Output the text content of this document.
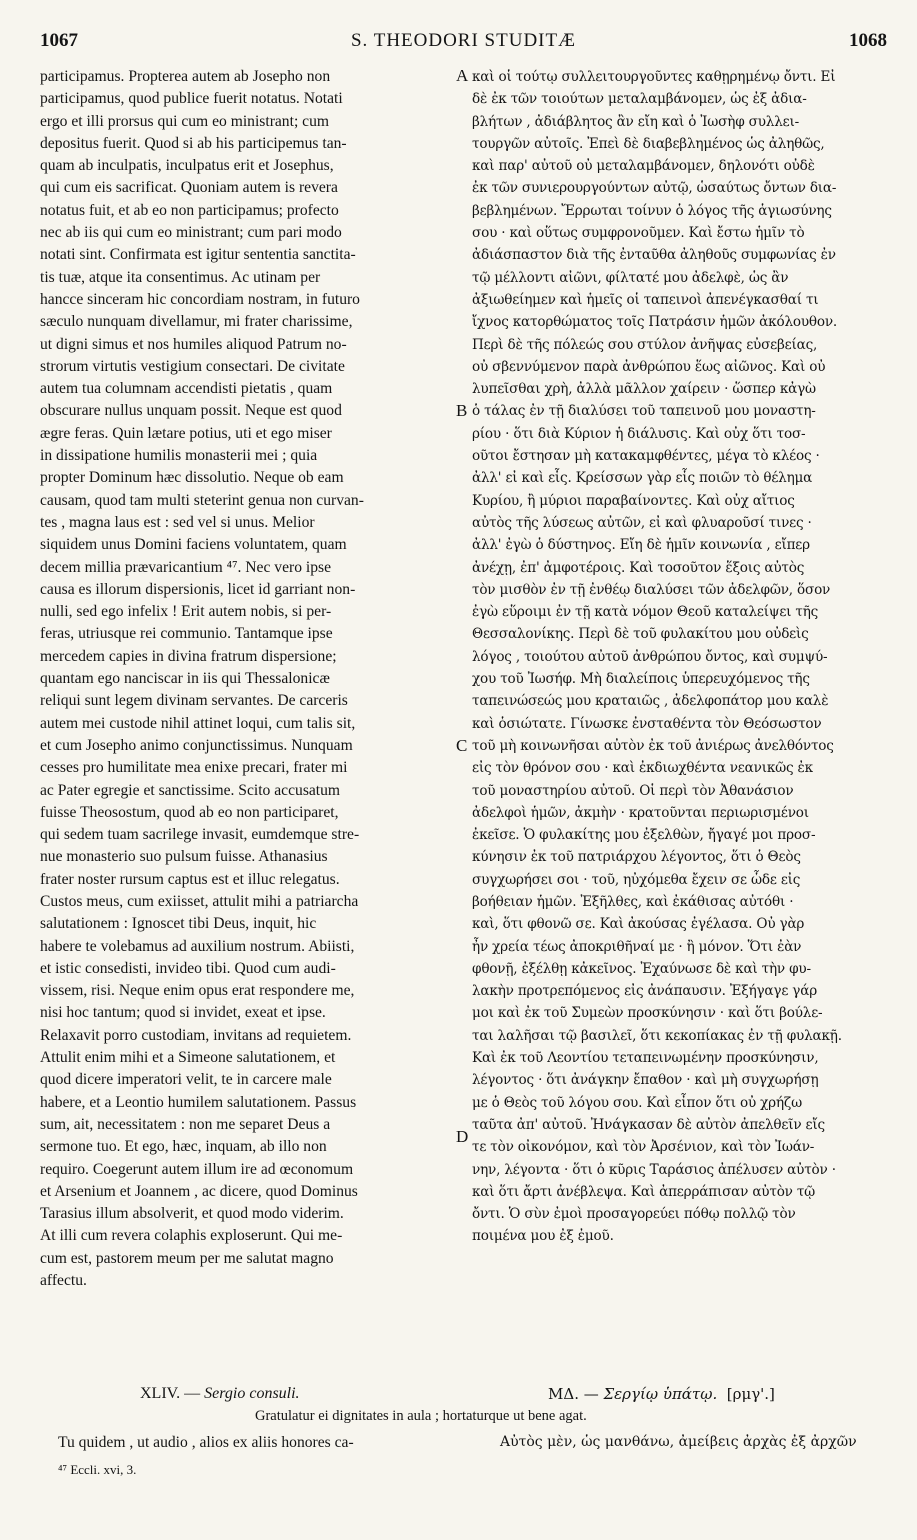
1067	S. THEODORI STUDITÆ	1068
participamus. Propterea autem ab Josepho non
participamus, quod publice fuerit notatus. Notati
ergo et illi prorsus qui cum eo ministrant; cum
depositus fuerit. Quod si ab his participemus tan-
quam ab inculpatis, inculpatus erit et Josephus,
qui cum eis sacrificat. Quoniam autem is revera
notatus fuit, et ab eo non participamus; profecto
nec ab iis qui cum eo ministrant; cum pari modo
notati sint. Confirmata est igitur sententia sanctita-
tis tuæ, atque ita consentimus. Ac utinam per
hancce sinceram hic concordiam nostram, in futuro
sæculo nunquam divellamur, mi frater charissime,
ut digni simus et nos humiles aliquod Patrum no-
strorum virtutis vestigium consectari. De civitate
autem tua columnam accendisti pietatis , quam
obscurare nullus unquam possit. Neque est quod
ægre feras. Quin lætare potius, uti et ego miser
in dissipatione humilis monasterii mei ; quia
propter Dominum hæc dissolutio. Neque ob eam
causam, quod tam multi steterint genua non curvan-
tes , magna laus est : sed vel si unus. Melior
siquidem unus Domini faciens voluntatem, quam
decem millia prævaricantium ⁴⁷. Nec vero ipse
causa es illorum dispersionis, licet id garriant non-
nulli, sed ego infelix ! Erit autem nobis, si per-
feras, utriusque rei communio. Tantamque ipse
mercedem capies in divina fratrum dispersione;
quantam ego nanciscar in iis qui Thessalonicæ
reliqui sunt legem divinam servantes. De carceris
autem mei custode nihil attinet loqui, cum talis sit,
et cum Josepho animo conjunctissimus. Nunquam
cesses pro humilitate mea enixe precari, frater mi
ac Pater egregie et sanctissime. Scito accusatum
fuisse Theosostum, quod ab eo non participaret,
qui sedem tuam sacrilege invasit, eumdemque stre-
nue monasterio suo pulsum fuisse. Athanasius
frater noster rursum captus est et illuc relegatus.
Custos meus, cum exiisset, attulit mihi a patriarcha
salutationem : Ignoscet tibi Deus, inquit, hic
habere te volebamus ad auxilium nostrum. Abiisti,
et istic consedisti, invideo tibi. Quod cum audi-
vissem, risi. Neque enim opus erat respondere me,
nisi hoc tantum; quod si invidet, exeat et ipse.
Relaxavit porro custodiam, invitans ad requietem.
Attulit enim mihi et a Simeone salutationem, et
quod dicere imperatori velit, te in carcere male
habere, et a Leontio humilem salutationem. Passus
sum, ait, necessitatem : non me separet Deus a
sermone tuo. Et ego, hæc, inquam, ab illo non
requiro. Coegerunt autem illum ire ad œconomum
et Arsenium et Joannem , ac dicere, quod Dominus
Tarasius illum absolverit, et quod modo viderim.
At illi cum revera colaphis exploserunt. Qui me-
cum est, pastorem meum per me salutat magno
affectu.
καὶ οἱ τούτῳ συλλειτουργοῦντες καθῃρημένῳ ὄντι. Εἰ
δὲ ἐκ τῶν τοιούτων μεταλαμβάνομεν, ὡς ἐξ ἀδια-
βλήτων , ἀδιάβλητος ἂν εἴη καὶ ὁ Ἰωσὴφ συλλει-
τουργῶν αὐτοῖς. Ἐπεὶ δὲ διαβεβλημένος ὡς ἀληθῶς,
καὶ παρ' αὐτοῦ οὐ μεταλαμβάνομεν, δηλονότι οὐδὲ
ἐκ τῶν συνιερουργούντων αὐτῷ, ὡσαύτως ὄντων δια-
βεβλημένων. Ἔρρωται τοίνυν ὁ λόγος τῆς ἁγιωσύνης
σου · καὶ οὕτως συμφρονοῦμεν. Καὶ ἔστω ἡμῖν τὸ
ἀδιάσπαστον διὰ τῆς ἐνταῦθα ἀληθοῦς συμφωνίας ἐν
τῷ μέλλοντι αἰῶνι, φίλτατέ μου ἀδελφὲ, ὡς ἂν
ἀξιωθείημεν καὶ ἡμεῖς οἱ ταπεινοὶ ἀπενέγκασθαί τι
ἴχνος κατορθώματος τοῖς Πατράσιν ἡμῶν ἀκόλουθον.
Περὶ δὲ τῆς πόλεώς σου στύλον ἀνῆψας εὐσεβείας,
οὐ σβεννύμενον παρὰ ἀνθρώπου ἕως αἰῶνος. Καὶ οὐ
λυπεῖσθαι χρὴ, ἀλλὰ μᾶλλον χαίρειν · ὥσπερ κἀγὼ
ὁ τάλας ἐν τῇ διαλύσει τοῦ ταπεινοῦ μου μοναστη-
ρίου · ὅτι διὰ Κύριον ἡ διάλυσις. Καὶ οὐχ ὅτι τοσ-
οῦτοι ἔστησαν μὴ κατακαμφθέντες, μέγα τὸ κλέος ·
ἀλλ' εἰ καὶ εἷς. Κρείσσων γὰρ εἷς ποιῶν τὸ θέλημα
Κυρίου, ἢ μύριοι παραβαίνοντες. Καὶ οὐχ αἴτιος
αὐτὸς τῆς λύσεως αὐτῶν, εἰ καὶ φλυαροῦσί τινες ·
ἀλλ' ἐγὼ ὁ δύστηνος. Εἴη δὲ ἡμῖν κοινωνία , εἴπερ
ἀνέχῃ, ἐπ' ἀμφοτέροις. Καὶ τοσοῦτον ἕξοις αὐτὸς
τὸν μισθὸν ἐν τῇ ἐνθέῳ διαλύσει τῶν ἀδελφῶν, ὅσον
ἐγὼ εὕροιμι ἐν τῇ κατὰ νόμον Θεοῦ καταλείψει τῆς
Θεσσαλονίκης. Περὶ δὲ τοῦ φυλακίτου μου οὐδεὶς
λόγος , τοιούτου αὐτοῦ ἀνθρώπου ὄντος, καὶ συμψύ-
χου τοῦ Ἰωσήφ. Μὴ διαλείποις ὑπερευχόμενος τῆς
ταπεινώσεώς μου κραταιῶς , ἀδελφοπάτορ μου καλὲ
καὶ ὁσιώτατε. Γίνωσκε ἐνσταθέντα τὸν Θεόσωστον
τοῦ μὴ κοινωνῆσαι αὐτὸν ἐκ τοῦ ἀνιέρως ἀνελθόντος
εἰς τὸν θρόνον σου · καὶ ἐκδιωχθέντα νεανικῶς ἐκ
τοῦ μοναστηρίου αὐτοῦ. Οἱ περὶ τὸν Ἀθανάσιον
ἀδελφοὶ ἡμῶν, ἀκμὴν · κρατοῦνται περιωρισμένοι
ἐκεῖσε. Ὁ φυλακίτης μου ἐξελθὼν, ἤγαγέ μοι προσ-
κύνησιν ἐκ τοῦ πατριάρχου λέγοντος, ὅτι ὁ Θεὸς
συγχωρήσει σοι · τοῦ, ηὐχόμεθα ἔχειν σε ὧδε εἰς
βοήθειαν ἡμῶν. Ἐξῆλθες, καὶ ἐκάθισας αὐτόθι ·
καὶ, ὅτι φθονῶ σε. Καὶ ἀκούσας ἐγέλασα. Οὐ γὰρ
ἦν χρεία τέως ἀποκριθῆναί με · ἢ μόνον. Ὅτι ἐὰν
φθονῇ, ἐξέλθῃ κἀκεῖνος. Ἐχαύνωσε δὲ καὶ τὴν φυ-
λακὴν προτρεπόμενος εἰς ἀνάπαυσιν. Ἐξήγαγε γάρ
μοι καὶ ἐκ τοῦ Συμεὼν προσκύνησιν · καὶ ὅτι βούλε-
ται λαλῆσαι τῷ βασιλεῖ, ὅτι κεκοπίακας ἐν τῇ φυλακῇ.
Καὶ ἐκ τοῦ Λεοντίου τεταπεινωμένην προσκύνησιν,
λέγοντος · ὅτι ἀνάγκην ἔπαθον · καὶ μὴ συγχωρήσῃ
με ὁ Θεὸς τοῦ λόγου σου. Καὶ εἶπον ὅτι οὐ χρήζω
ταῦτα ἀπ' αὐτοῦ. Ἠνάγκασαν δὲ αὐτὸν ἀπελθεῖν εἴς
τε τὸν οἰκονόμον, καὶ τὸν Ἀρσένιον, καὶ τὸν Ἰωάν-
νην, λέγοντα · ὅτι ὁ κῦρις Ταράσιος ἀπέλυσεν αὐτὸν ·
καὶ ὅτι ἄρτι ἀνέβλεψα. Καὶ ἀπερράπισαν αὐτὸν τῷ
ὄντι. Ὁ σὺν ἐμοὶ προσαγορεύει πόθῳ πολλῷ τὸν
ποιμένα μου ἐξ ἐμοῦ.
A
B
C
D
XLIV. — Sergio consuli.	ΜΔ. — Σεργίῳ ὑπάτῳ. [ρμγ'.]
Gratulatur ei dignitates in aula ; hortaturque ut bene agat.
Tu quidem , ut audio , alios ex aliis honores ca-	Αὐτὸς μὲν, ὡς μανθάνω, ἀμείβεις ἀρχὰς ἐξ ἀρχῶν
⁴⁷ Eccli. xvi, 3.
